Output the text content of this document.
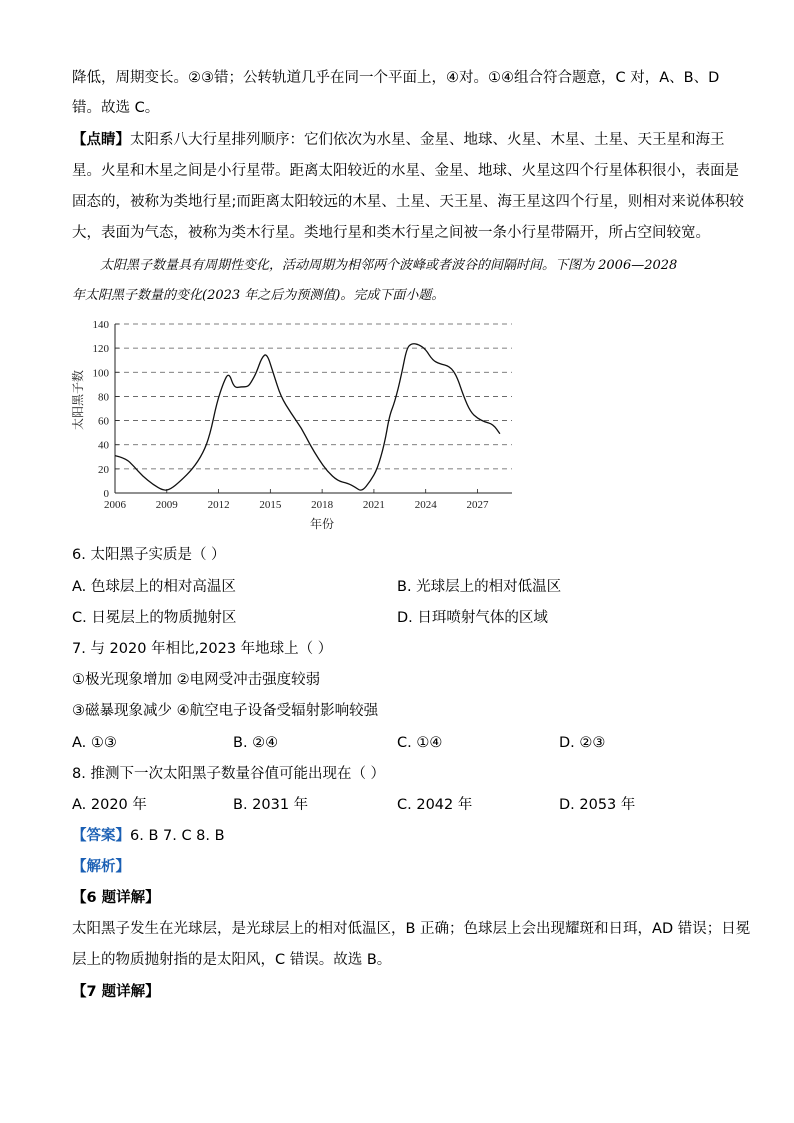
降低，周期变长。②③错；公转轨道几乎在同一个平面上，④对。①④组合符合题意，C 对，A、B、D
错。故选 C。
【点睛】太阳系八大行星排列顺序：它们依次为水星、金星、地球、火星、木星、土星、天王星和海王
星。火星和木星之间是小行星带。距离太阳较近的水星、金星、地球、火星这四个行星体积很小，表面是
固态的，被称为类地行星;而距离太阳较远的木星、土星、天王星、海王星这四个行星，则相对来说体积较
大，表面为气态，被称为类木行星。类地行星和类木行星之间被一条小行星带隔开，所占空间较宽。
太阳黑子数量具有周期性变化，活动周期为相邻两个波峰或者波谷的间隔时间。下图为 2006—2028
年太阳黑子数量的变化(2023 年之后为预测值)。完成下面小题。
0
20
40
60
80
100
120
140
2006	2009	2012	2015	2018	2021	2024	2027
太阳黑子数
年份
6. 太阳黑子实质是（ ）
A. 色球层上的相对高温区	B. 光球层上的相对低温区
C. 日冕层上的物质抛射区	D. 日珥喷射气体的区域
7. 与 2020 年相比,2023 年地球上（ ）
①极光现象增加 ②电网受冲击强度较弱
③磁暴现象减少 ④航空电子设备受辐射影响较强
A. ①③	B. ②④	C. ①④	D. ②③
8. 推测下一次太阳黑子数量谷值可能出现在（ ）
A. 2020 年	B. 2031 年	C. 2042 年	D. 2053 年
【答案】6. B 7. C 8. B
【解析】
【6 题详解】
太阳黑子发生在光球层，是光球层上的相对低温区，B 正确；色球层上会出现耀斑和日珥，AD 错误；日冕
层上的物质抛射指的是太阳风，C 错误。故选 B。
【7 题详解】
